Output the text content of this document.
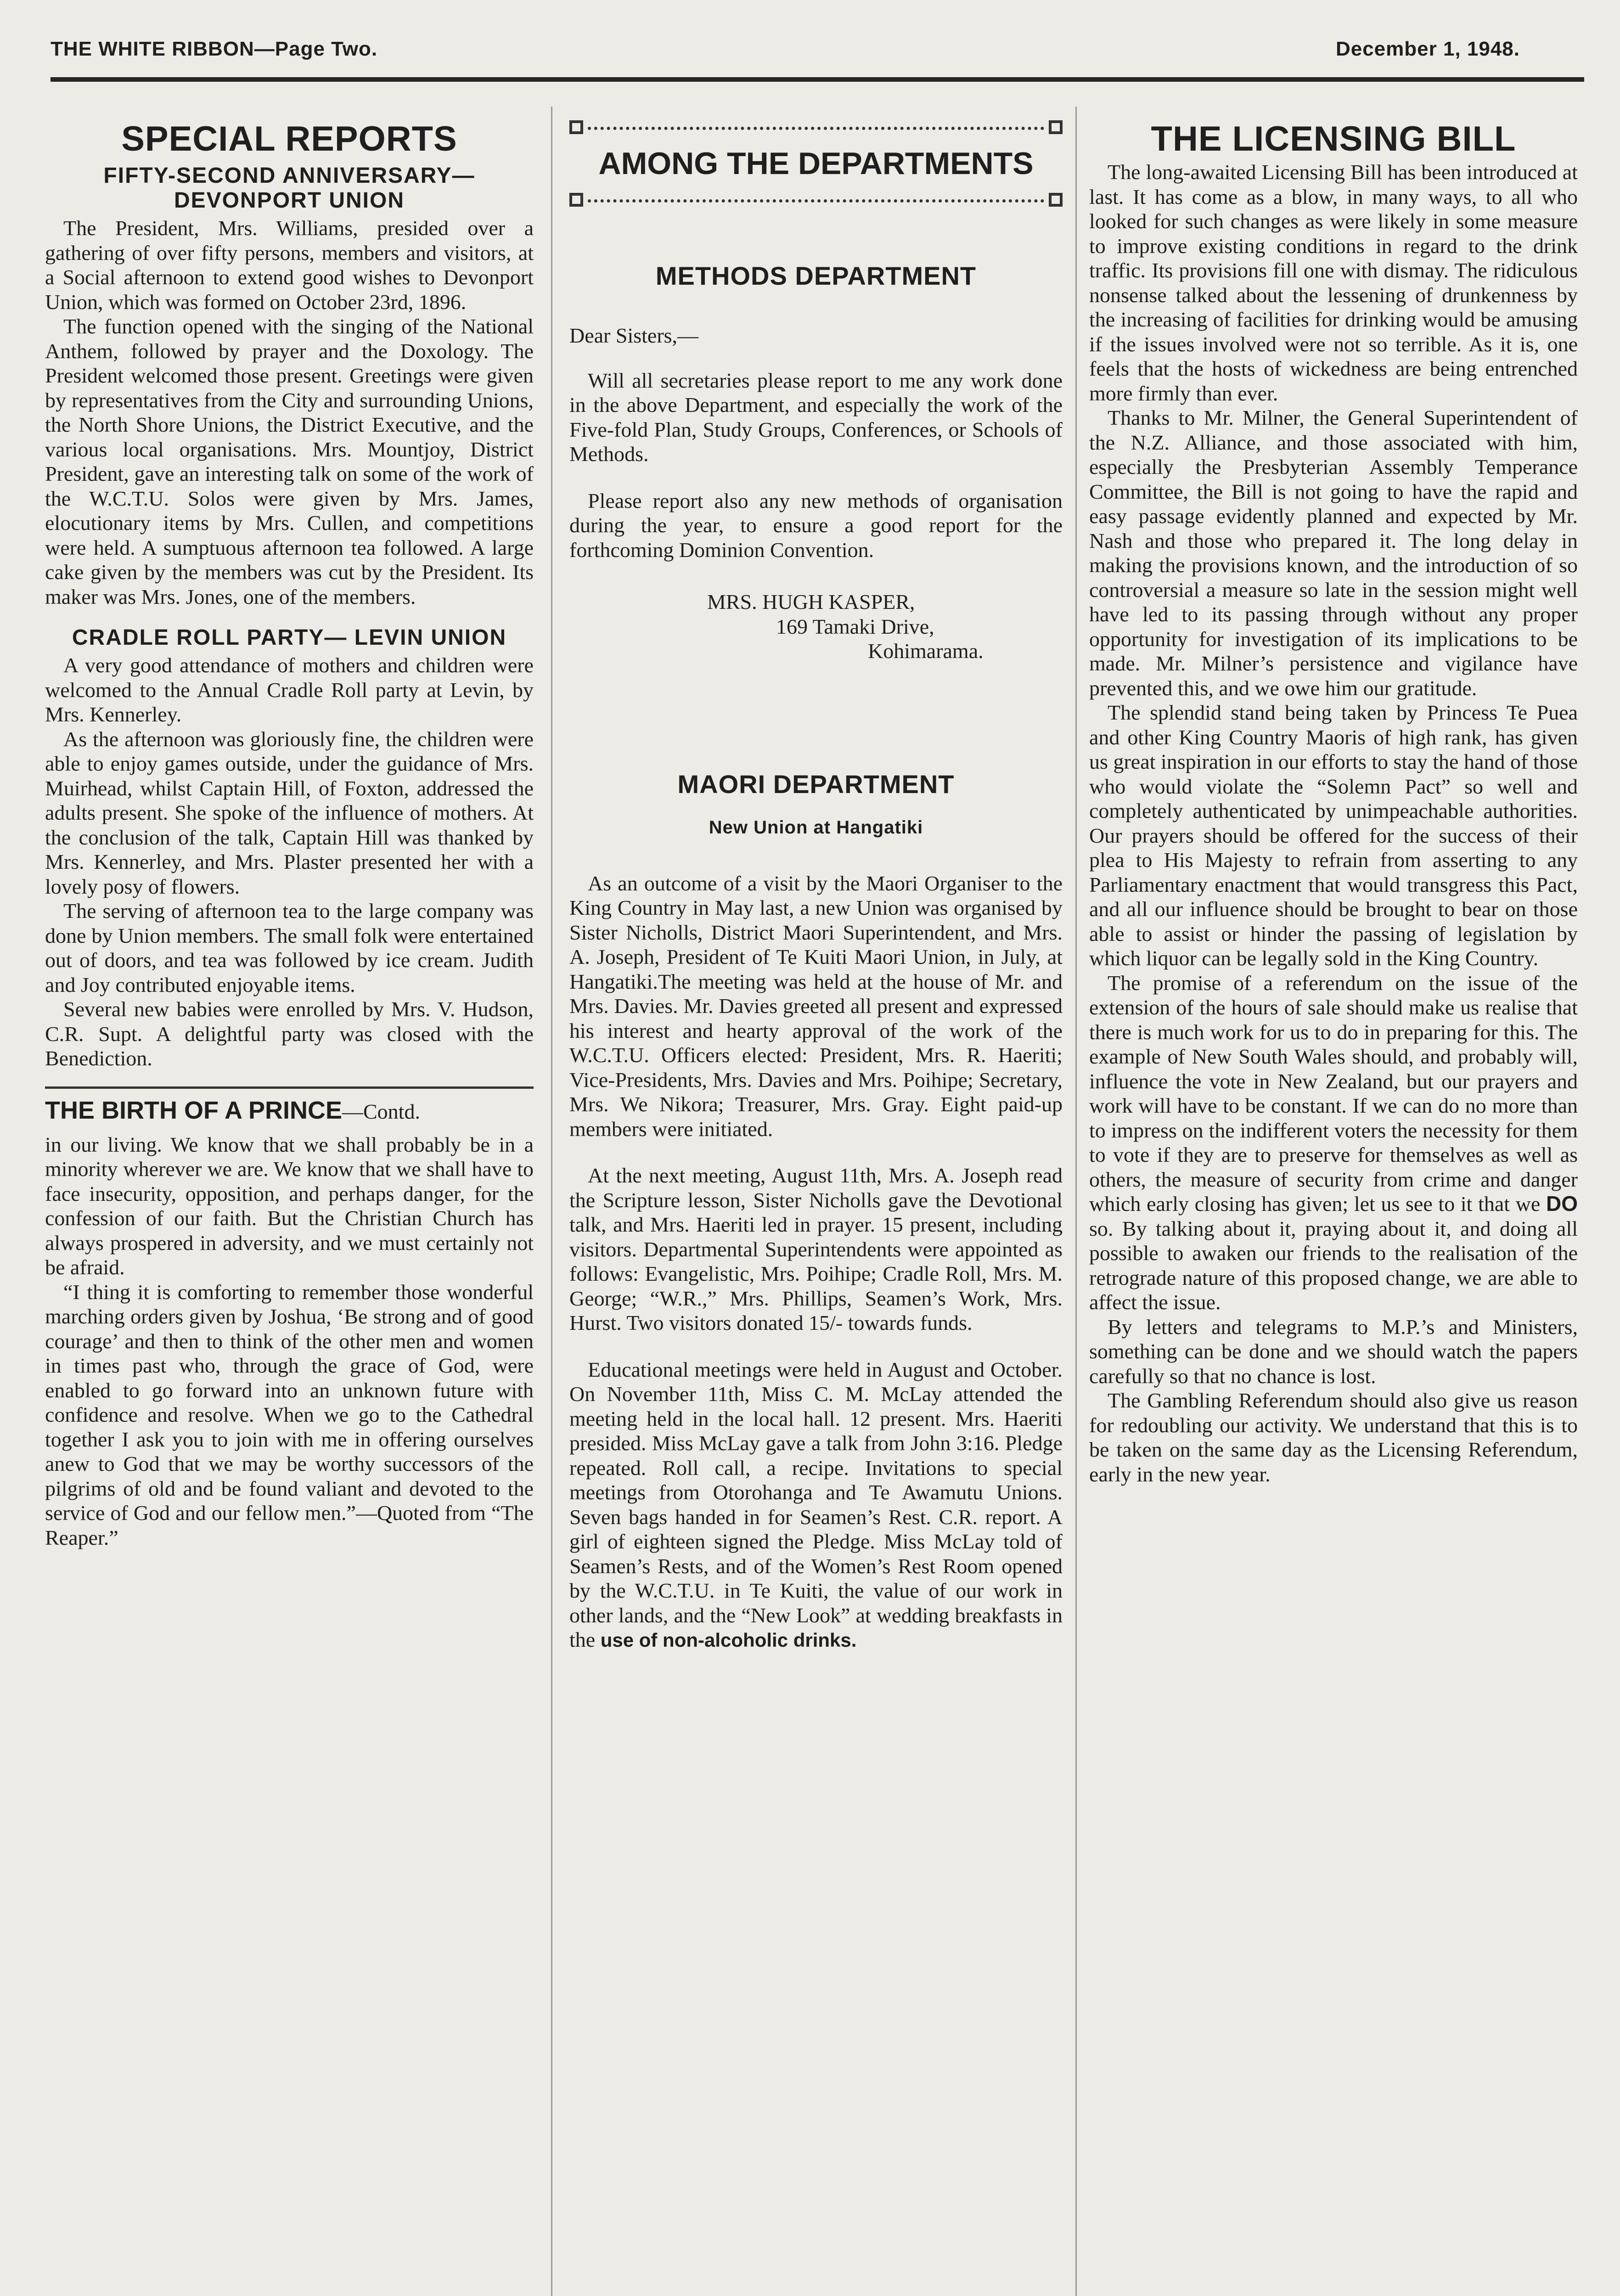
THE WHITE RIBBON—Page Two.	December 1, 1948.
SPECIAL REPORTS
FIFTY-SECOND ANNIVERSARY— DEVONPORT UNION

The President, Mrs. Williams, presided over a gathering of over fifty persons, members and visitors, at a Social afternoon to extend good wishes to Devonport Union, which was formed on October 23rd, 1896.

The function opened with the singing of the National Anthem, followed by prayer and the Doxology. The President welcomed those present. Greetings were given by representatives from the City and surrounding Unions, the North Shore Unions, the District Executive, and the various local organisations. Mrs. Mountjoy, District President, gave an interesting talk on some of the work of the W.C.T.U. Solos were given by Mrs. James, elocutionary items by Mrs. Cullen, and competitions were held. A sumptuous afternoon tea followed. A large cake given by the members was cut by the President. Its maker was Mrs. Jones, one of the members.

CRADLE ROLL PARTY— LEVIN UNION

A very good attendance of mothers and children were welcomed to the Annual Cradle Roll party at Levin, by Mrs. Kennerley.

As the afternoon was gloriously fine, the children were able to enjoy games outside, under the guidance of Mrs. Muirhead, whilst Captain Hill, of Foxton, addressed the adults present. She spoke of the influence of mothers. At the conclusion of the talk, Captain Hill was thanked by Mrs. Kennerley, and Mrs. Plaster presented her with a lovely posy of flowers.

The serving of afternoon tea to the large company was done by Union members. The small folk were entertained out of doors, and tea was followed by ice cream. Judith and Joy contributed enjoyable items.

Several new babies were enrolled by Mrs. V. Hudson, C.R. Supt. A delightful party was closed with the Benediction.

THE BIRTH OF A PRINCE—Contd.

in our living. We know that we shall probably be in a minority wherever we are. We know that we shall have to face insecurity, opposition, and perhaps danger, for the confession of our faith. But the Christian Church has always prospered in adversity, and we must certainly not be afraid.

“I thing it is comforting to remember those wonderful marching orders given by Joshua, ‘Be strong and of good courage’ and then to think of the other men and women in times past who, through the grace of God, were enabled to go forward into an unknown future with confidence and resolve. When we go to the Cathedral together I ask you to join with me in offering ourselves anew to God that we may be worthy successors of the pilgrims of old and be found valiant and devoted to the service of God and our fellow men.”—Quoted from “The Reaper.”

AMONG THE DEPARTMENTS
METHODS DEPARTMENT

Dear Sisters,—

Will all secretaries please report to me any work done in the above Department, and especially the work of the Five-fold Plan, Study Groups, Conferences, or Schools of Methods.

Please report also any new methods of organisation during the year, to ensure a good report for the forthcoming Dominion Convention.

MRS. HUGH KASPER,

169 Tamaki Drive,

Kohimarama.

MAORI DEPARTMENT
New Union at Hangatiki

As an outcome of a visit by the Maori Organiser to the King Country in May last, a new Union was organised by Sister Nicholls, District Maori Superintendent, and Mrs. A. Joseph, President of Te Kuiti Maori Union, in July, at Hangatiki.The meeting was held at the house of Mr. and Mrs. Davies. Mr. Davies greeted all present and expressed his interest and hearty approval of the work of the W.C.T.U. Officers elected: President, Mrs. R. Haeriti; Vice-Presidents, Mrs. Davies and Mrs. Poihipe; Secretary, Mrs. We Nikora; Treasurer, Mrs. Gray. Eight paid-up members were initiated.

At the next meeting, August 11th, Mrs. A. Joseph read the Scripture lesson, Sister Nicholls gave the Devotional talk, and Mrs. Haeriti led in prayer. 15 present, including visitors. Departmental Superintendents were appointed as follows: Evangelistic, Mrs. Poihipe; Cradle Roll, Mrs. M. George; “W.R.,” Mrs. Phillips, Seamen’s Work, Mrs. Hurst. Two visitors donated 15/- towards funds.

Educational meetings were held in August and October. On November 11th, Miss C. M. McLay attended the meeting held in the local hall. 12 present. Mrs. Haeriti presided. Miss McLay gave a talk from John 3:16. Pledge repeated. Roll call, a recipe. Invitations to special meetings from Otorohanga and Te Awamutu Unions. Seven bags handed in for Seamen’s Rest. C.R. report. A girl of eighteen signed the Pledge. Miss McLay told of Seamen’s Rests, and of the Women’s Rest Room opened by the W.C.T.U. in Te Kuiti, the value of our work in other lands, and the “New Look” at wedding breakfasts in the use of non-alcoholic drinks.

THE LICENSING BILL

The long-awaited Licensing Bill has been introduced at last. It has come as a blow, in many ways, to all who looked for such changes as were likely in some measure to improve existing conditions in regard to the drink traffic. Its provisions fill one with dismay. The ridiculous nonsense talked about the lessening of drunkenness by the increasing of facilities for drinking would be amusing if the issues involved were not so terrible. As it is, one feels that the hosts of wickedness are being entrenched more firmly than ever.

Thanks to Mr. Milner, the General Superintendent of the N.Z. Alliance, and those associated with him, especially the Presbyterian Assembly Temperance Committee, the Bill is not going to have the rapid and easy passage evidently planned and expected by Mr. Nash and those who prepared it. The long delay in making the provisions known, and the introduction of so controversial a measure so late in the session might well have led to its passing through without any proper opportunity for investigation of its implications to be made. Mr. Milner’s persistence and vigilance have prevented this, and we owe him our gratitude.

The splendid stand being taken by Princess Te Puea and other King Country Maoris of high rank, has given us great inspiration in our efforts to stay the hand of those who would violate the “Solemn Pact” so well and completely authenticated by unimpeachable authorities. Our prayers should be offered for the success of their plea to His Majesty to refrain from asserting to any Parliamentary enactment that would transgress this Pact, and all our influence should be brought to bear on those able to assist or hinder the passing of legislation by which liquor can be legally sold in the King Country.

The promise of a referendum on the issue of the extension of the hours of sale should make us realise that there is much work for us to do in preparing for this. The example of New South Wales should, and probably will, influence the vote in New Zealand, but our prayers and work will have to be constant. If we can do no more than to impress on the indifferent voters the necessity for them to vote if they are to preserve for themselves as well as others, the measure of security from crime and danger which early closing has given; let us see to it that we DO so. By talking about it, praying about it, and doing all possible to awaken our friends to the realisation of the retrograde nature of this proposed change, we are able to affect the issue.

By letters and telegrams to M.P.’s and Ministers, something can be done and we should watch the papers carefully so that no chance is lost.

The Gambling Referendum should also give us reason for redoubling our activity. We understand that this is to be taken on the same day as the Licensing Referendum, early in the new year.
